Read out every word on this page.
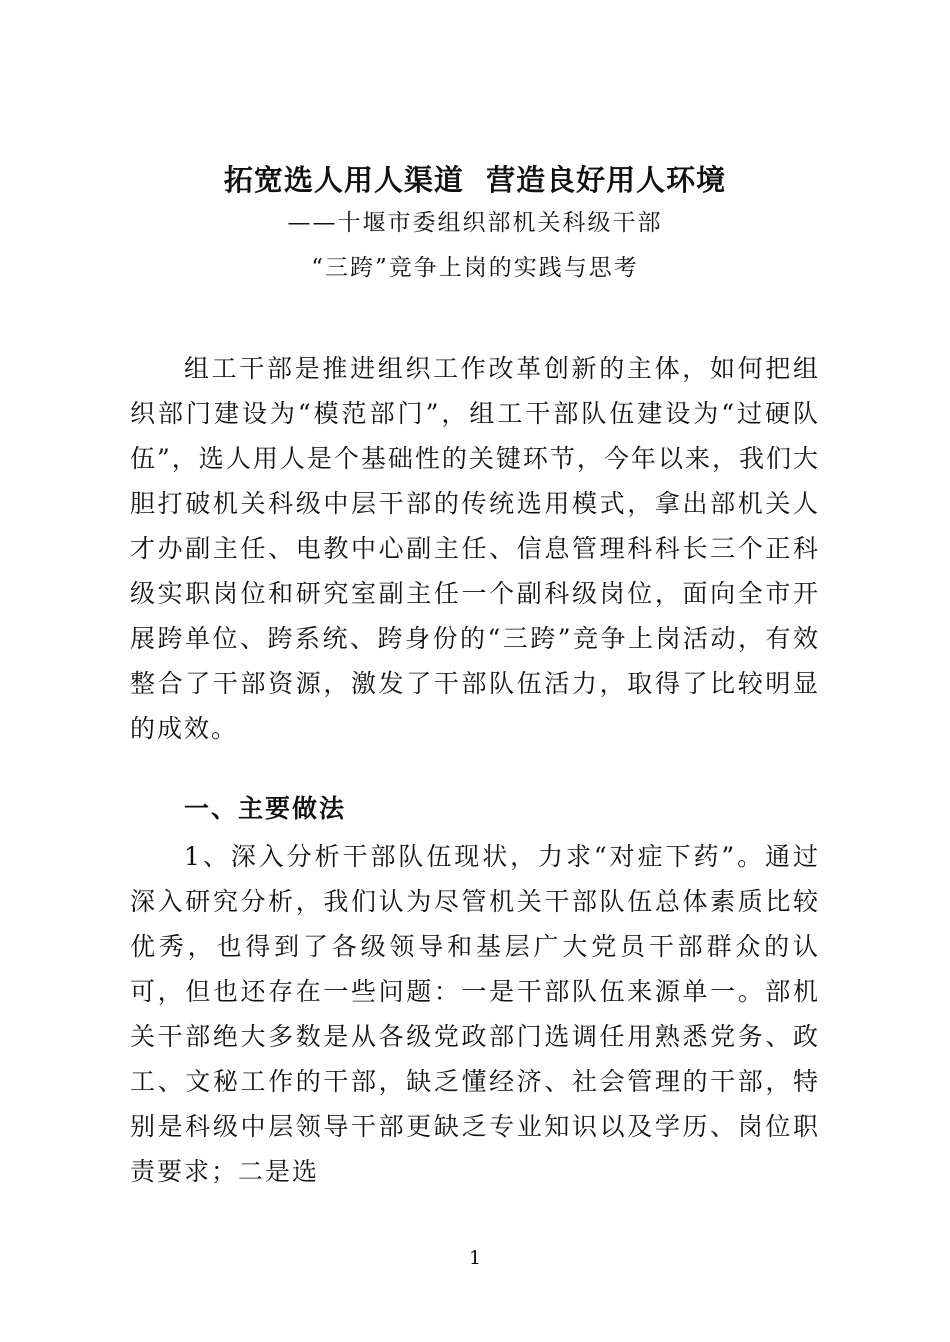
拓宽选人用人渠道  营造良好用人环境
——十堰市委组织部机关科级干部
“三跨”竞争上岗的实践与思考

组工干部是推进组织工作改革创新的主体，如何把组织部门建设为“模范部门”，组工干部队伍建设为“过硬队伍”，选人用人是个基础性的关键环节，今年以来，我们大胆打破机关科级中层干部的传统选用模式，拿出部机关人才办副主任、电教中心副主任、信息管理科科长三个正科级实职岗位和研究室副主任一个副科级岗位，面向全市开展跨单位、跨系统、跨身份的“三跨”竞争上岗活动，有效整合了干部资源，激发了干部队伍活力，取得了比较明显的成效。

一、主要做法

1、深入分析干部队伍现状，力求“对症下药”。通过深入研究分析，我们认为尽管机关干部队伍总体素质比较优秀，也得到了各级领导和基层广大党员干部群众的认可，但也还存在一些问题：一是干部队伍来源单一。部机关干部绝大多数是从各级党政部门选调任用熟悉党务、政工、文秘工作的干部，缺乏懂经济、社会管理的干部，特别是科级中层领导干部更缺乏专业知识以及学历、岗位职责要求；二是选

1
